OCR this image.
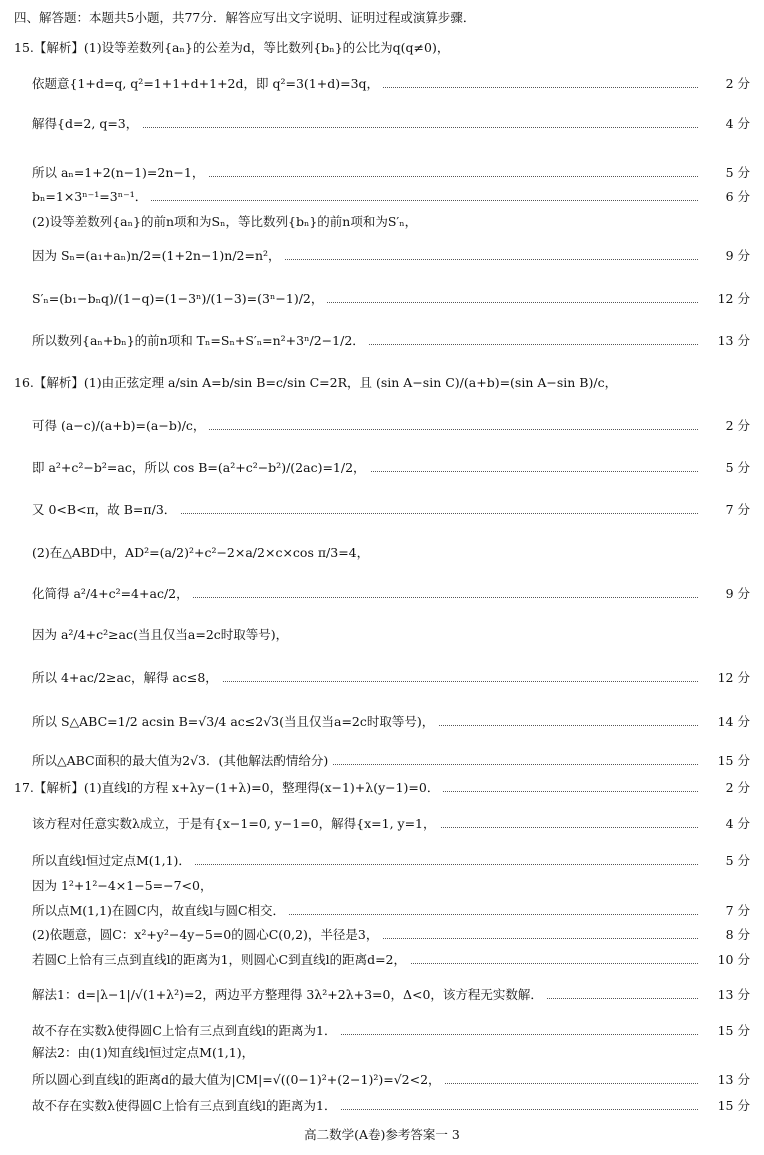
四、解答题：本题共5小题，共77分．解答应写出文字说明、证明过程或演算步骤．
15.【解析】(1)设等差数列{aₙ}的公差为d，等比数列{bₙ}的公比为q(q≠0)，
依题意{1+d=q, q²=1+1+d+1+2d，即 q²=3(1+d)=3q，	2 分
解得{d=2, q=3，	4 分
所以 aₙ=1+2(n−1)=2n−1，	5 分
bₙ=1×3ⁿ⁻¹=3ⁿ⁻¹．	6 分
(2)设等差数列{aₙ}的前n项和为Sₙ，等比数列{bₙ}的前n项和为S′ₙ，
因为 Sₙ=(a₁+aₙ)n/2=(1+2n−1)n/2=n²，	9 分
S′ₙ=(b₁−bₙq)/(1−q)=(1−3ⁿ)/(1−3)=(3ⁿ−1)/2，	12 分
所以数列{aₙ+bₙ}的前n项和 Tₙ=Sₙ+S′ₙ=n²+3ⁿ/2−1/2．	13 分
16.【解析】(1)由正弦定理 a/sin A=b/sin B=c/sin C=2R，且 (sin A−sin C)/(a+b)=(sin A−sin B)/c，
可得 (a−c)/(a+b)=(a−b)/c，	2 分
即 a²+c²−b²=ac，所以 cos B=(a²+c²−b²)/(2ac)=1/2，	5 分
又 0<B<π，故 B=π/3．	7 分
(2)在△ABD中，AD²=(a/2)²+c²−2×a/2×c×cos π/3=4，
化简得 a²/4+c²=4+ac/2，	9 分
因为 a²/4+c²≥ac(当且仅当a=2c时取等号)，
所以 4+ac/2≥ac，解得 ac≤8，	12 分
所以 S△ABC=1/2 acsin B=√3/4 ac≤2√3(当且仅当a=2c时取等号)，	14 分
所以△ABC面积的最大值为2√3．(其他解法酌情给分)	15 分
17.【解析】(1)直线l的方程 x+λy−(1+λ)=0，整理得(x−1)+λ(y−1)=0．	2 分
该方程对任意实数λ成立，于是有{x−1=0, y−1=0，解得{x=1, y=1，	4 分
所以直线l恒过定点M(1,1)．	5 分
因为 1²+1²−4×1−5=−7<0，
所以点M(1,1)在圆C内，故直线l与圆C相交．	7 分
(2)依题意，圆C：x²+y²−4y−5=0的圆心C(0,2)，半径是3，	8 分
若圆C上恰有三点到直线l的距离为1，则圆心C到直线l的距离d=2，	10 分
解法1：d=|λ−1|/√(1+λ²)=2，两边平方整理得 3λ²+2λ+3=0，Δ<0，该方程无实数解．	13 分
故不存在实数λ使得圆C上恰有三点到直线l的距离为1．	15 分
解法2：由(1)知直线l恒过定点M(1,1)，
所以圆心到直线l的距离d的最大值为|CM|=√((0−1)²+(2−1)²)=√2<2，	13 分
故不存在实数λ使得圆C上恰有三点到直线l的距离为1．	15 分
高二数学(A卷)参考答案一 3
